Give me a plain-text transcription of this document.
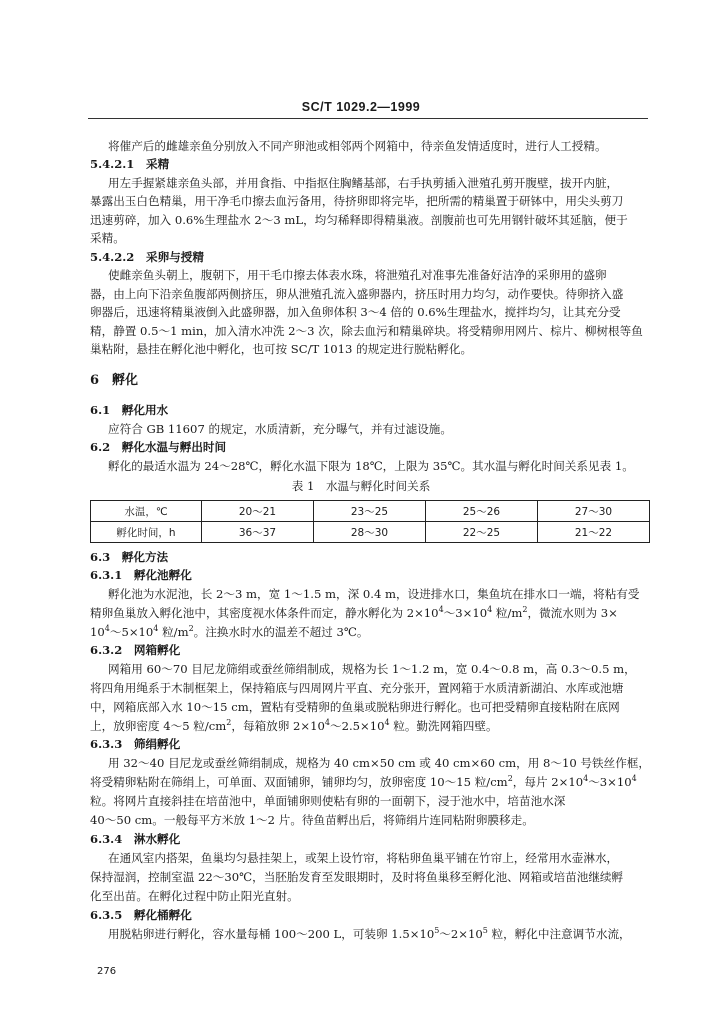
SC/T 1029.2—1999
将催产后的雌雄亲鱼分别放入不同产卵池或相邻两个网箱中，待亲鱼发情适度时，进行人工授精。
5.4.2.1　采精
用左手握紧雄亲鱼头部，并用食指、中指抠住胸鳍基部，右手执剪插入泄殖孔剪开腹壁，拔开内脏，
暴露出玉白色精巢，用干净毛巾擦去血污备用，待挤卵即将完毕，把所需的精巢置于研钵中，用尖头剪刀
迅速剪碎，加入 0.6%生理盐水 2～3 mL，均匀稀释即得精巢液。剖腹前也可先用钢针破坏其延脑，便于
采精。
5.4.2.2　采卵与授精
使雌亲鱼头朝上，腹朝下，用干毛巾擦去体表水珠，将泄殖孔对准事先准备好洁净的采卵用的盛卵
器，由上向下沿亲鱼腹部两侧挤压，卵从泄殖孔流入盛卵器内，挤压时用力均匀，动作要快。待卵挤入盛
卵器后，迅速将精巢液倒入此盛卵器，加入鱼卵体积 3～4 倍的 0.6%生理盐水，搅拌均匀，让其充分受
精，静置 0.5～1 min，加入清水冲洗 2～3 次，除去血污和精巢碎块。将受精卵用网片、棕片、柳树根等鱼
巢粘附，悬挂在孵化池中孵化，也可按 SC/T 1013 的规定进行脱粘孵化。
6　孵化
6.1　孵化用水
应符合 GB 11607 的规定，水质清新，充分曝气，并有过滤设施。
6.2　孵化水温与孵出时间
孵化的最适水温为 24～28℃，孵化水温下限为 18℃，上限为 35℃。其水温与孵化时间关系见表 1。
表 1　水温与孵化时间关系
水温，℃	20～21	23～25	25～26	27～30
孵化时间，h	36～37	28～30	22～25	21～22
6.3　孵化方法
6.3.1　孵化池孵化
孵化池为水泥池，长 2～3 m，宽 1～1.5 m，深 0.4 m，设进排水口，集鱼坑在排水口一端，将粘有受
精卵鱼巢放入孵化池中，其密度视水体条件而定，静水孵化为 $2\times 10^4\sim 3\times 10^4$ 粒$/m^2$，微流水则为 3×
$10^4\sim 5\times 10^4$ 粒$/m^2$。注换水时水的温差不超过 3℃。
6.3.2　网箱孵化
网箱用 60～70 目尼龙筛绢或蚕丝筛绢制成，规格为长 1～1.2 m，宽 0.4～0.8 m，高 0.3～0.5 m，
将四角用绳系于木制框架上，保持箱底与四周网片平直、充分张开，置网箱于水质清新湖泊、水库或池塘
中，网箱底部入水 10～15 cm，置粘有受精卵的鱼巢或脱粘卵进行孵化。也可把受精卵直接粘附在底网
上，放卵密度 4～5 粒$/cm^2$，每箱放卵 $2\times 10^4\sim 2.5\times 10^4$ 粒。勤洗网箱四壁。
6.3.3　筛绢孵化
用 32～40 目尼龙或蚕丝筛绢制成，规格为 40 cm×50 cm 或 40 cm×60 cm，用 8～10 号铁丝作框，
将受精卵粘附在筛绢上，可单面、双面铺卵，铺卵均匀，放卵密度 10～15 粒$/cm^2$，每片 $2\times 10^4\sim 3\times 10^4$
粒。将网片直接斜挂在培苗池中，单面铺卵则使粘有卵的一面朝下，浸于池水中，培苗池水深
40～50 cm。一般每平方米放 1～2 片。待鱼苗孵出后，将筛绢片连同粘附卵膜移走。
6.3.4　淋水孵化
在通风室内搭架，鱼巢均匀悬挂架上，或架上设竹帘，将粘卵鱼巢平铺在竹帘上，经常用水壶淋水，
保持湿润，控制室温 22～30℃，当胚胎发育至发眼期时，及时将鱼巢移至孵化池、网箱或培苗池继续孵
化至出苗。在孵化过程中防止阳光直射。
6.3.5　孵化桶孵化
用脱粘卵进行孵化，容水量每桶 100～200 L，可装卵 $1.5\times 10^5\sim 2\times 10^5$ 粒，孵化中注意调节水流，
276
